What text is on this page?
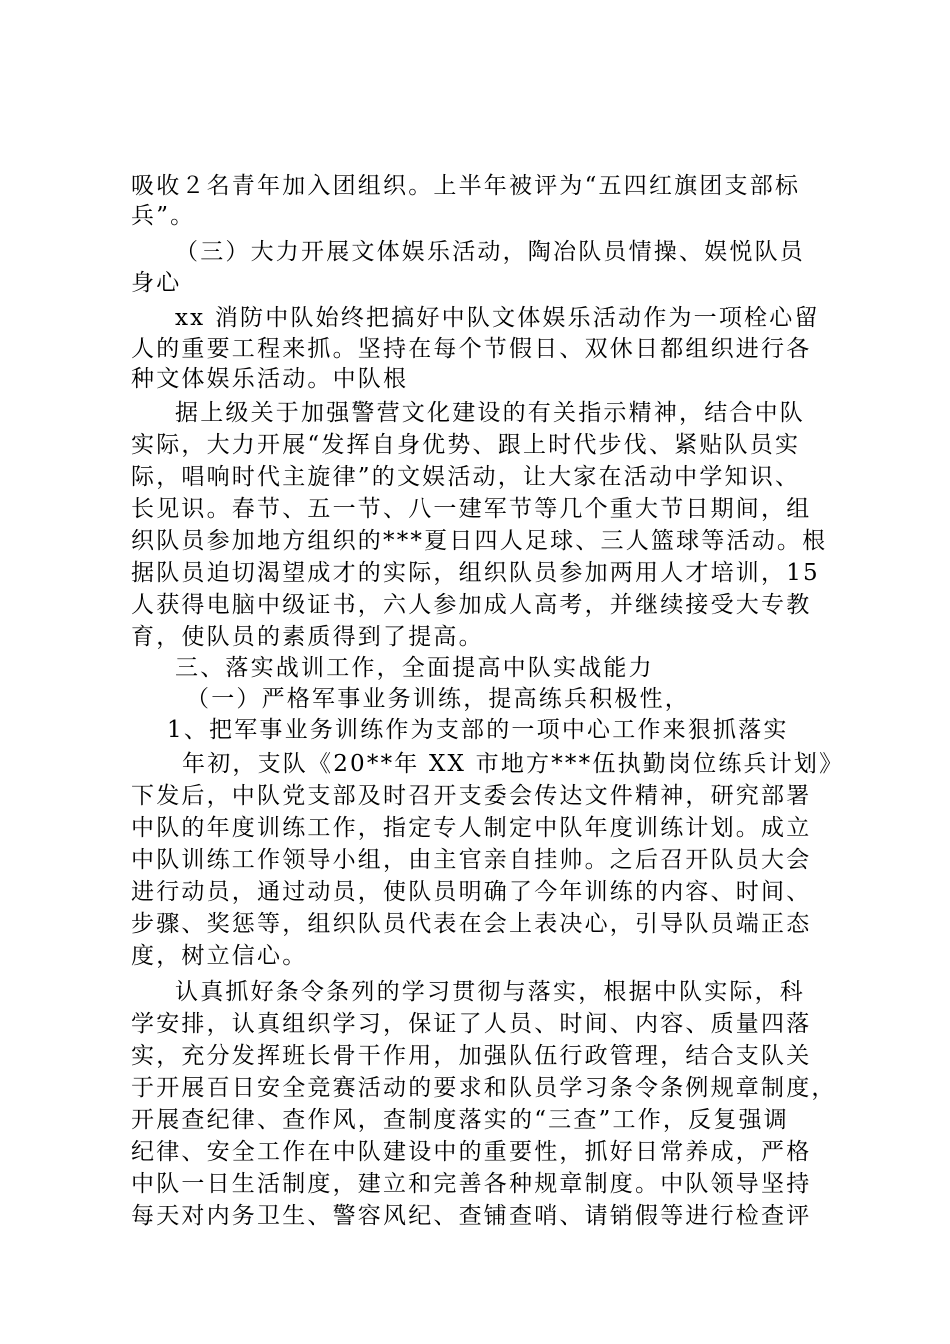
吸收２名青年加入团组织。上半年被评为“五四红旗团支部标
兵”。
（三）大力开展文体娱乐活动，陶冶队员情操、娱悦队员
身心
xx 消防中队始终把搞好中队文体娱乐活动作为一项栓心留
人的重要工程来抓。坚持在每个节假日、双休日都组织进行各
种文体娱乐活动。中队根
据上级关于加强警营文化建设的有关指示精神，结合中队
实际，大力开展“发挥自身优势、跟上时代步伐、紧贴队员实
际，唱响时代主旋律”的文娱活动，让大家在活动中学知识、
长见识。春节、五一节、八一建军节等几个重大节日期间，组
织队员参加地方组织的***夏日四人足球、三人篮球等活动。根
据队员迫切渴望成才的实际，组织队员参加两用人才培训，15
人获得电脑中级证书，六人参加成人高考，并继续接受大专教
育，使队员的素质得到了提高。
三、落实战训工作，全面提高中队实战能力
（一）严格军事业务训练，提高练兵积极性，
1、把军事业务训练作为支部的一项中心工作来狠抓落实
年初，支队《20**年 XX 市地方***伍执勤岗位练兵计划》
下发后，中队党支部及时召开支委会传达文件精神，研究部署
中队的年度训练工作，指定专人制定中队年度训练计划。成立
中队训练工作领导小组，由主官亲自挂帅。之后召开队员大会
进行动员，通过动员，使队员明确了今年训练的内容、时间、
步骤、奖惩等，组织队员代表在会上表决心，引导队员端正态
度，树立信心。
认真抓好条令条列的学习贯彻与落实，根据中队实际，科
学安排，认真组织学习，保证了人员、时间、内容、质量四落
实，充分发挥班长骨干作用，加强队伍行政管理，结合支队关
于开展百日安全竞赛活动的要求和队员学习条令条例规章制度，
开展查纪律、查作风，查制度落实的“三查”工作，反复强调
纪律、安全工作在中队建设中的重要性，抓好日常养成，严格
中队一日生活制度，建立和完善各种规章制度。中队领导坚持
每天对内务卫生、警容风纪、查铺查哨、请销假等进行检查评
